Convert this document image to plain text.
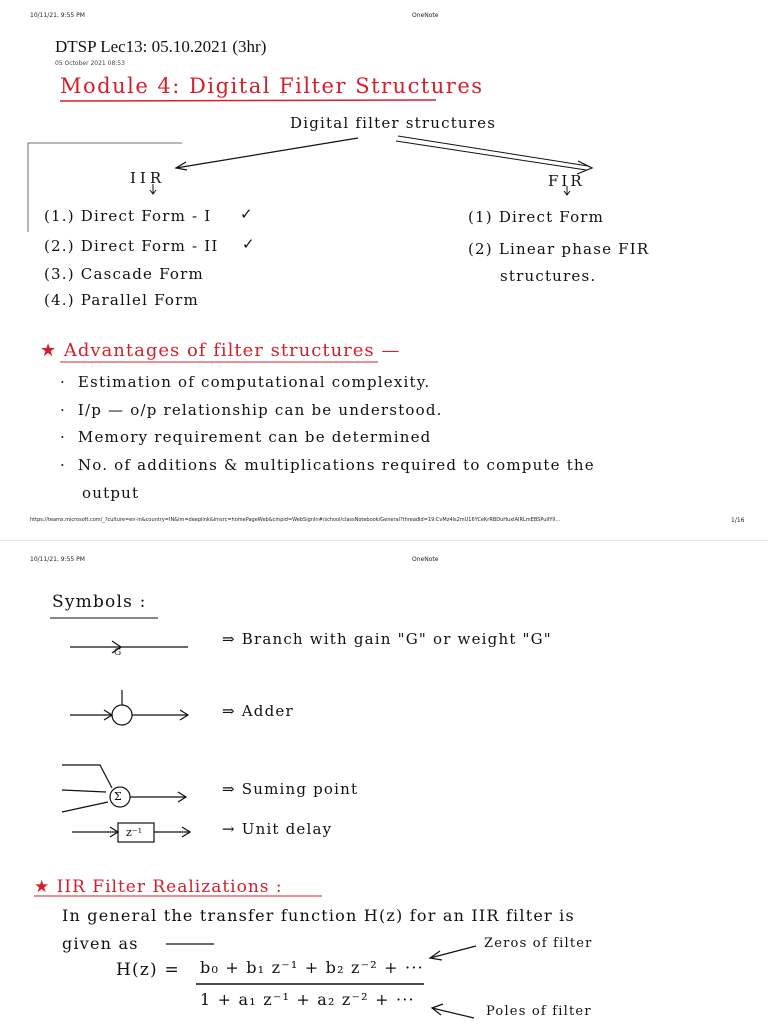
10/11/21, 9:55 PM	OneNote
DTSP Lec13: 05.10.2021 (3hr)
05 October 2021 08:53
Module 4: Digital Filter Structures
Digital filter structures
IIR	FIR
(1.) Direct Form - I
(2.) Direct Form - II
(3.) Cascade Form
(4.) Parallel Form
✓
✓
(1) Direct Form
(2) Linear phase FIR
structures.
★ Advantages of filter structures —
·  Estimation of computational complexity.
·  I/p — o/p relationship can be understood.
·  Memory requirement can be determined
·  No. of additions & multiplications required to compute the
output
https://teams.microsoft.com/_?culture=en-in&country=IN&lm=deeplink&lmsrc=homePageWeb&cmpid=WebSignIn#/school/classNotebook/General?threadId=19:CvMz4Is2mU16YCeKrRBDuHuxIAIRLmEBSPuIIYII...	1/16
10/11/21, 9:55 PM	OneNote
Symbols :
G
⇒ Branch with gain "G" or weight "G"
⇒ Adder
Σ	⇒ Suming point
z⁻¹	→ Unit delay
★ IIR Filter Realizations :
In general the transfer function H(z) for an IIR filter is
given as	Zeros of filter
H(z) = b₀ + b₁ z⁻¹ + b₂ z⁻² + ···
1 + a₁ z⁻¹ + a₂ z⁻² + ···
Poles of filter
